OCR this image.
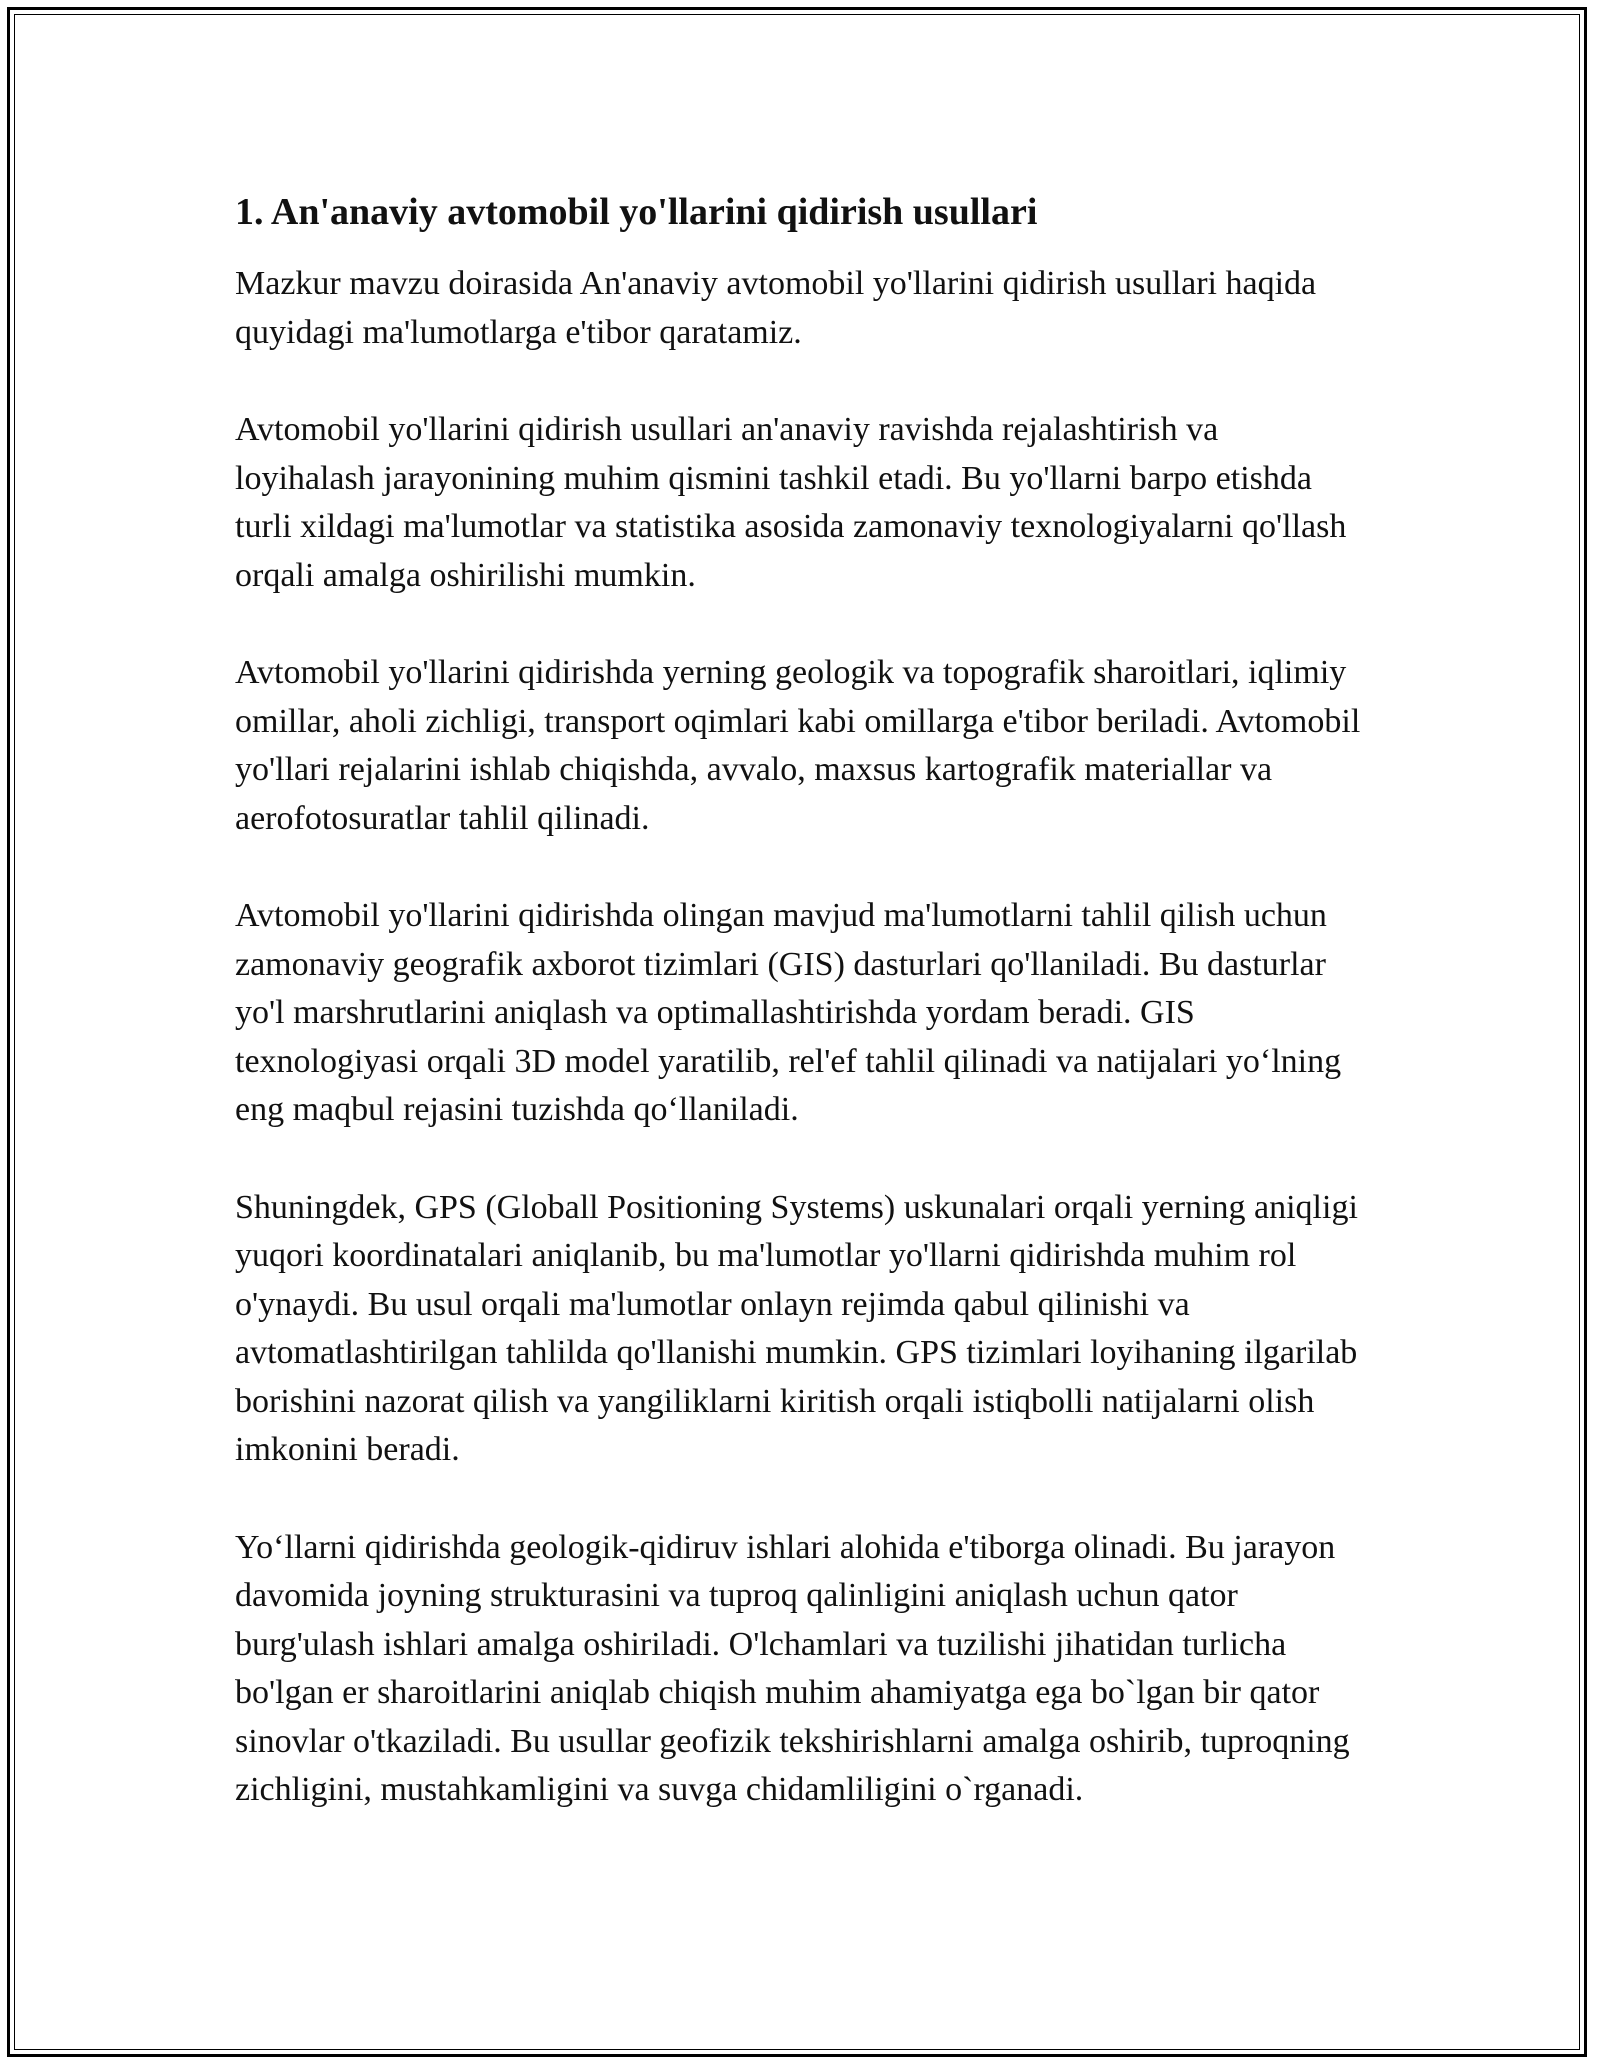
1. An'anaviy avtomobil yo'llarini qidirish usullari

Mazkur mavzu doirasida An'anaviy avtomobil yo'llarini qidirish usullari haqida quyidagi ma'lumotlarga e'tibor qaratamiz.

Avtomobil yo'llarini qidirish usullari an'anaviy ravishda rejalashtirish va loyihalash jarayonining muhim qismini tashkil etadi. Bu yo'llarni barpo etishda turli xildagi ma'lumotlar va statistika asosida zamonaviy texnologiyalarni qo'llash orqali amalga oshirilishi mumkin.

Avtomobil yo'llarini qidirishda yerning geologik va topografik sharoitlari, iqlimiy omillar, aholi zichligi, transport oqimlari kabi omillarga e'tibor beriladi. Avtomobil yo'llari rejalarini ishlab chiqishda, avvalo, maxsus kartografik materiallar va aerofotosuratlar tahlil qilinadi.

Avtomobil yo'llarini qidirishda olingan mavjud ma'lumotlarni tahlil qilish uchun zamonaviy geografik axborot tizimlari (GIS) dasturlari qo'llaniladi. Bu dasturlar yo'l marshrutlarini aniqlash va optimallashtirishda yordam beradi. GIS texnologiyasi orqali 3D model yaratilib, rel'ef tahlil qilinadi va natijalari yo‘lning eng maqbul rejasini tuzishda qo‘llaniladi.

Shuningdek, GPS (Globall Positioning Systems) uskunalari orqali yerning aniqligi yuqori koordinatalari aniqlanib, bu ma'lumotlar yo'llarni qidirishda muhim rol o'ynaydi. Bu usul orqali ma'lumotlar onlayn rejimda qabul qilinishi va avtomatlashtirilgan tahlilda qo'llanishi mumkin. GPS tizimlari loyihaning ilgarilab borishini nazorat qilish va yangiliklarni kiritish orqali istiqbolli natijalarni olish imkonini beradi.

Yo‘llarni qidirishda geologik-qidiruv ishlari alohida e'tiborga olinadi. Bu jarayon davomida joyning strukturasini va tuproq qalinligini aniqlash uchun qator burg'ulash ishlari amalga oshiriladi. O'lchamlari va tuzilishi jihatidan turlicha bo'lgan er sharoitlarini aniqlab chiqish muhim ahamiyatga ega bo`lgan bir qator sinovlar o'tkaziladi. Bu usullar geofizik tekshirishlarni amalga oshirib, tuproqning zichligini, mustahkamligini va suvga chidamliligini o`rganadi.
